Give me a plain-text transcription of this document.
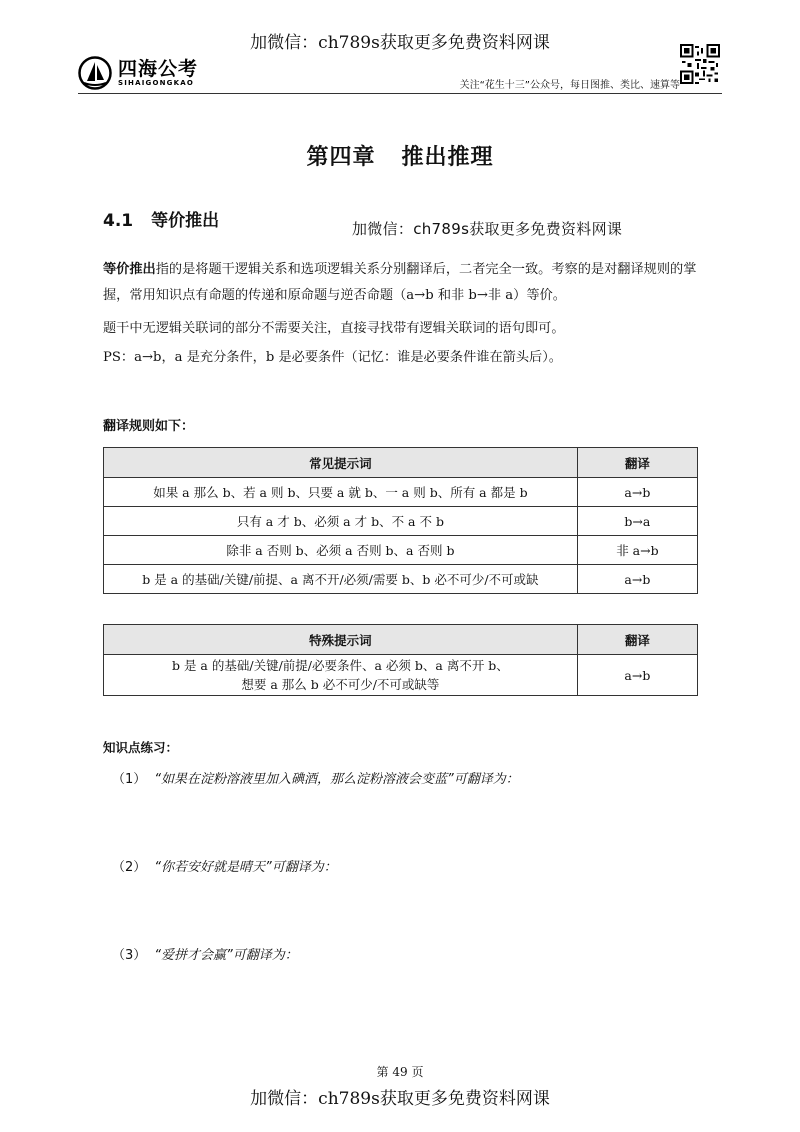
加微信：ch789s获取更多免费资料网课
四海公考
SIHAIGONGKAO	关注“花生十三”公众号，每日图推、类比、速算等
第四章 推出推理
4.1 等价推出	加微信：ch789s获取更多免费资料网课
等价推出指的是将题干逻辑关系和选项逻辑关系分别翻译后，二者完全一致。考察的是对翻译规则的掌握，常用知识点有命题的传递和原命题与逆否命题（a→b 和非 b→非 a）等价。
题干中无逻辑关联词的部分不需要关注，直接寻找带有逻辑关联词的语句即可。
PS：a→b，a 是充分条件，b 是必要条件（记忆：谁是必要条件谁在箭头后）。
翻译规则如下：
常见提示词	翻译
如果 a 那么 b、若 a 则 b、只要 a 就 b、一 a 则 b、所有 a 都是 b	a→b
只有 a 才 b、必须 a 才 b、不 a 不 b	b→a
除非 a 否则 b、必须 a 否则 b、a 否则 b	非 a→b
b 是 a 的基础/关键/前提、a 离不开/必须/需要 b、b 必不可少/不可或缺	a→b
特殊提示词	翻译

b 是 a 的基础/关键/前提/必要条件、a 必须 b、a 离不开 b、
想要 a 那么 b 必不可少/不可或缺等	a→b
知识点练习：
（1） “如果在淀粉溶液里加入碘酒，那么淀粉溶液会变蓝”可翻译为：
（2） “你若安好就是晴天”可翻译为：
（3） “爱拼才会赢”可翻译为：
第 49 页
加微信：ch789s获取更多免费资料网课
